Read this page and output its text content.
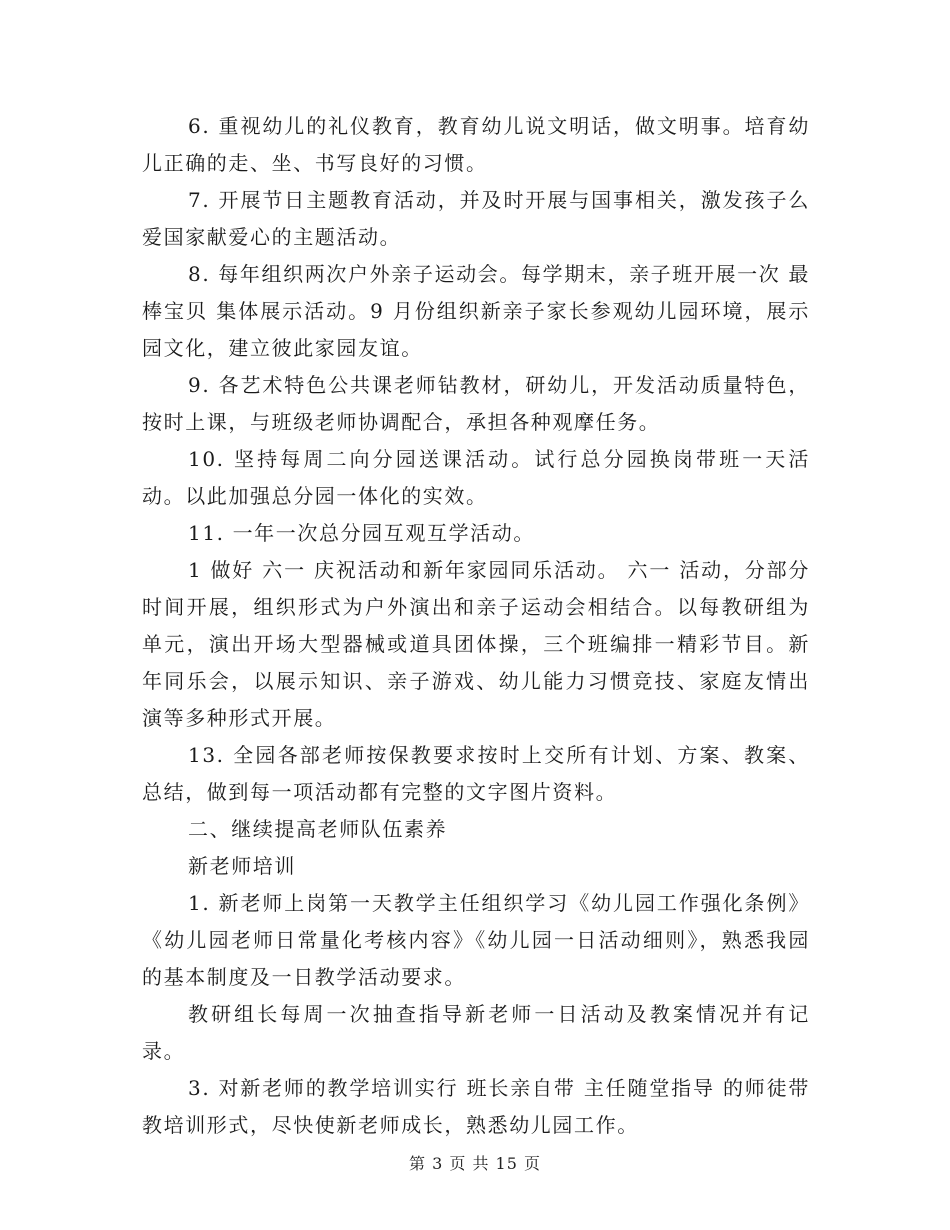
6. 重视幼儿的礼仪教育，教育幼儿说文明话，做文明事。培育幼儿正确的走、坐、书写良好的习惯。

7. 开展节日主题教育活动，并及时开展与国事相关，激发孩子么爱国家献爱心的主题活动。

8. 每年组织两次户外亲子运动会。每学期末，亲子班开展一次 最棒宝贝 集体展示活动。9 月份组织新亲子家长参观幼儿园环境，展示园文化，建立彼此家园友谊。

9. 各艺术特色公共课老师钻教材，研幼儿，开发活动质量特色，按时上课，与班级老师协调配合，承担各种观摩任务。

10. 坚持每周二向分园送课活动。试行总分园换岗带班一天活动。以此加强总分园一体化的实效。

11. 一年一次总分园互观互学活动。

1 做好 六一 庆祝活动和新年家园同乐活动。 六一 活动，分部分时间开展，组织形式为户外演出和亲子运动会相结合。以每教研组为单元，演出开场大型器械或道具团体操，三个班编排一精彩节目。新年同乐会，以展示知识、亲子游戏、幼儿能力习惯竞技、家庭友情出演等多种形式开展。

13. 全园各部老师按保教要求按时上交所有计划、方案、教案、总结，做到每一项活动都有完整的文字图片资料。

二、继续提高老师队伍素养

新老师培训

1. 新老师上岗第一天教学主任组织学习《幼儿园工作强化条例》《幼儿园老师日常量化考核内容》《幼儿园一日活动细则》，熟悉我园的基本制度及一日教学活动要求。

教研组长每周一次抽查指导新老师一日活动及教案情况并有记录。

3. 对新老师的教学培训实行 班长亲自带 主任随堂指导 的师徒带教培训形式，尽快使新老师成长，熟悉幼儿园工作。

第 3 页 共 15 页
